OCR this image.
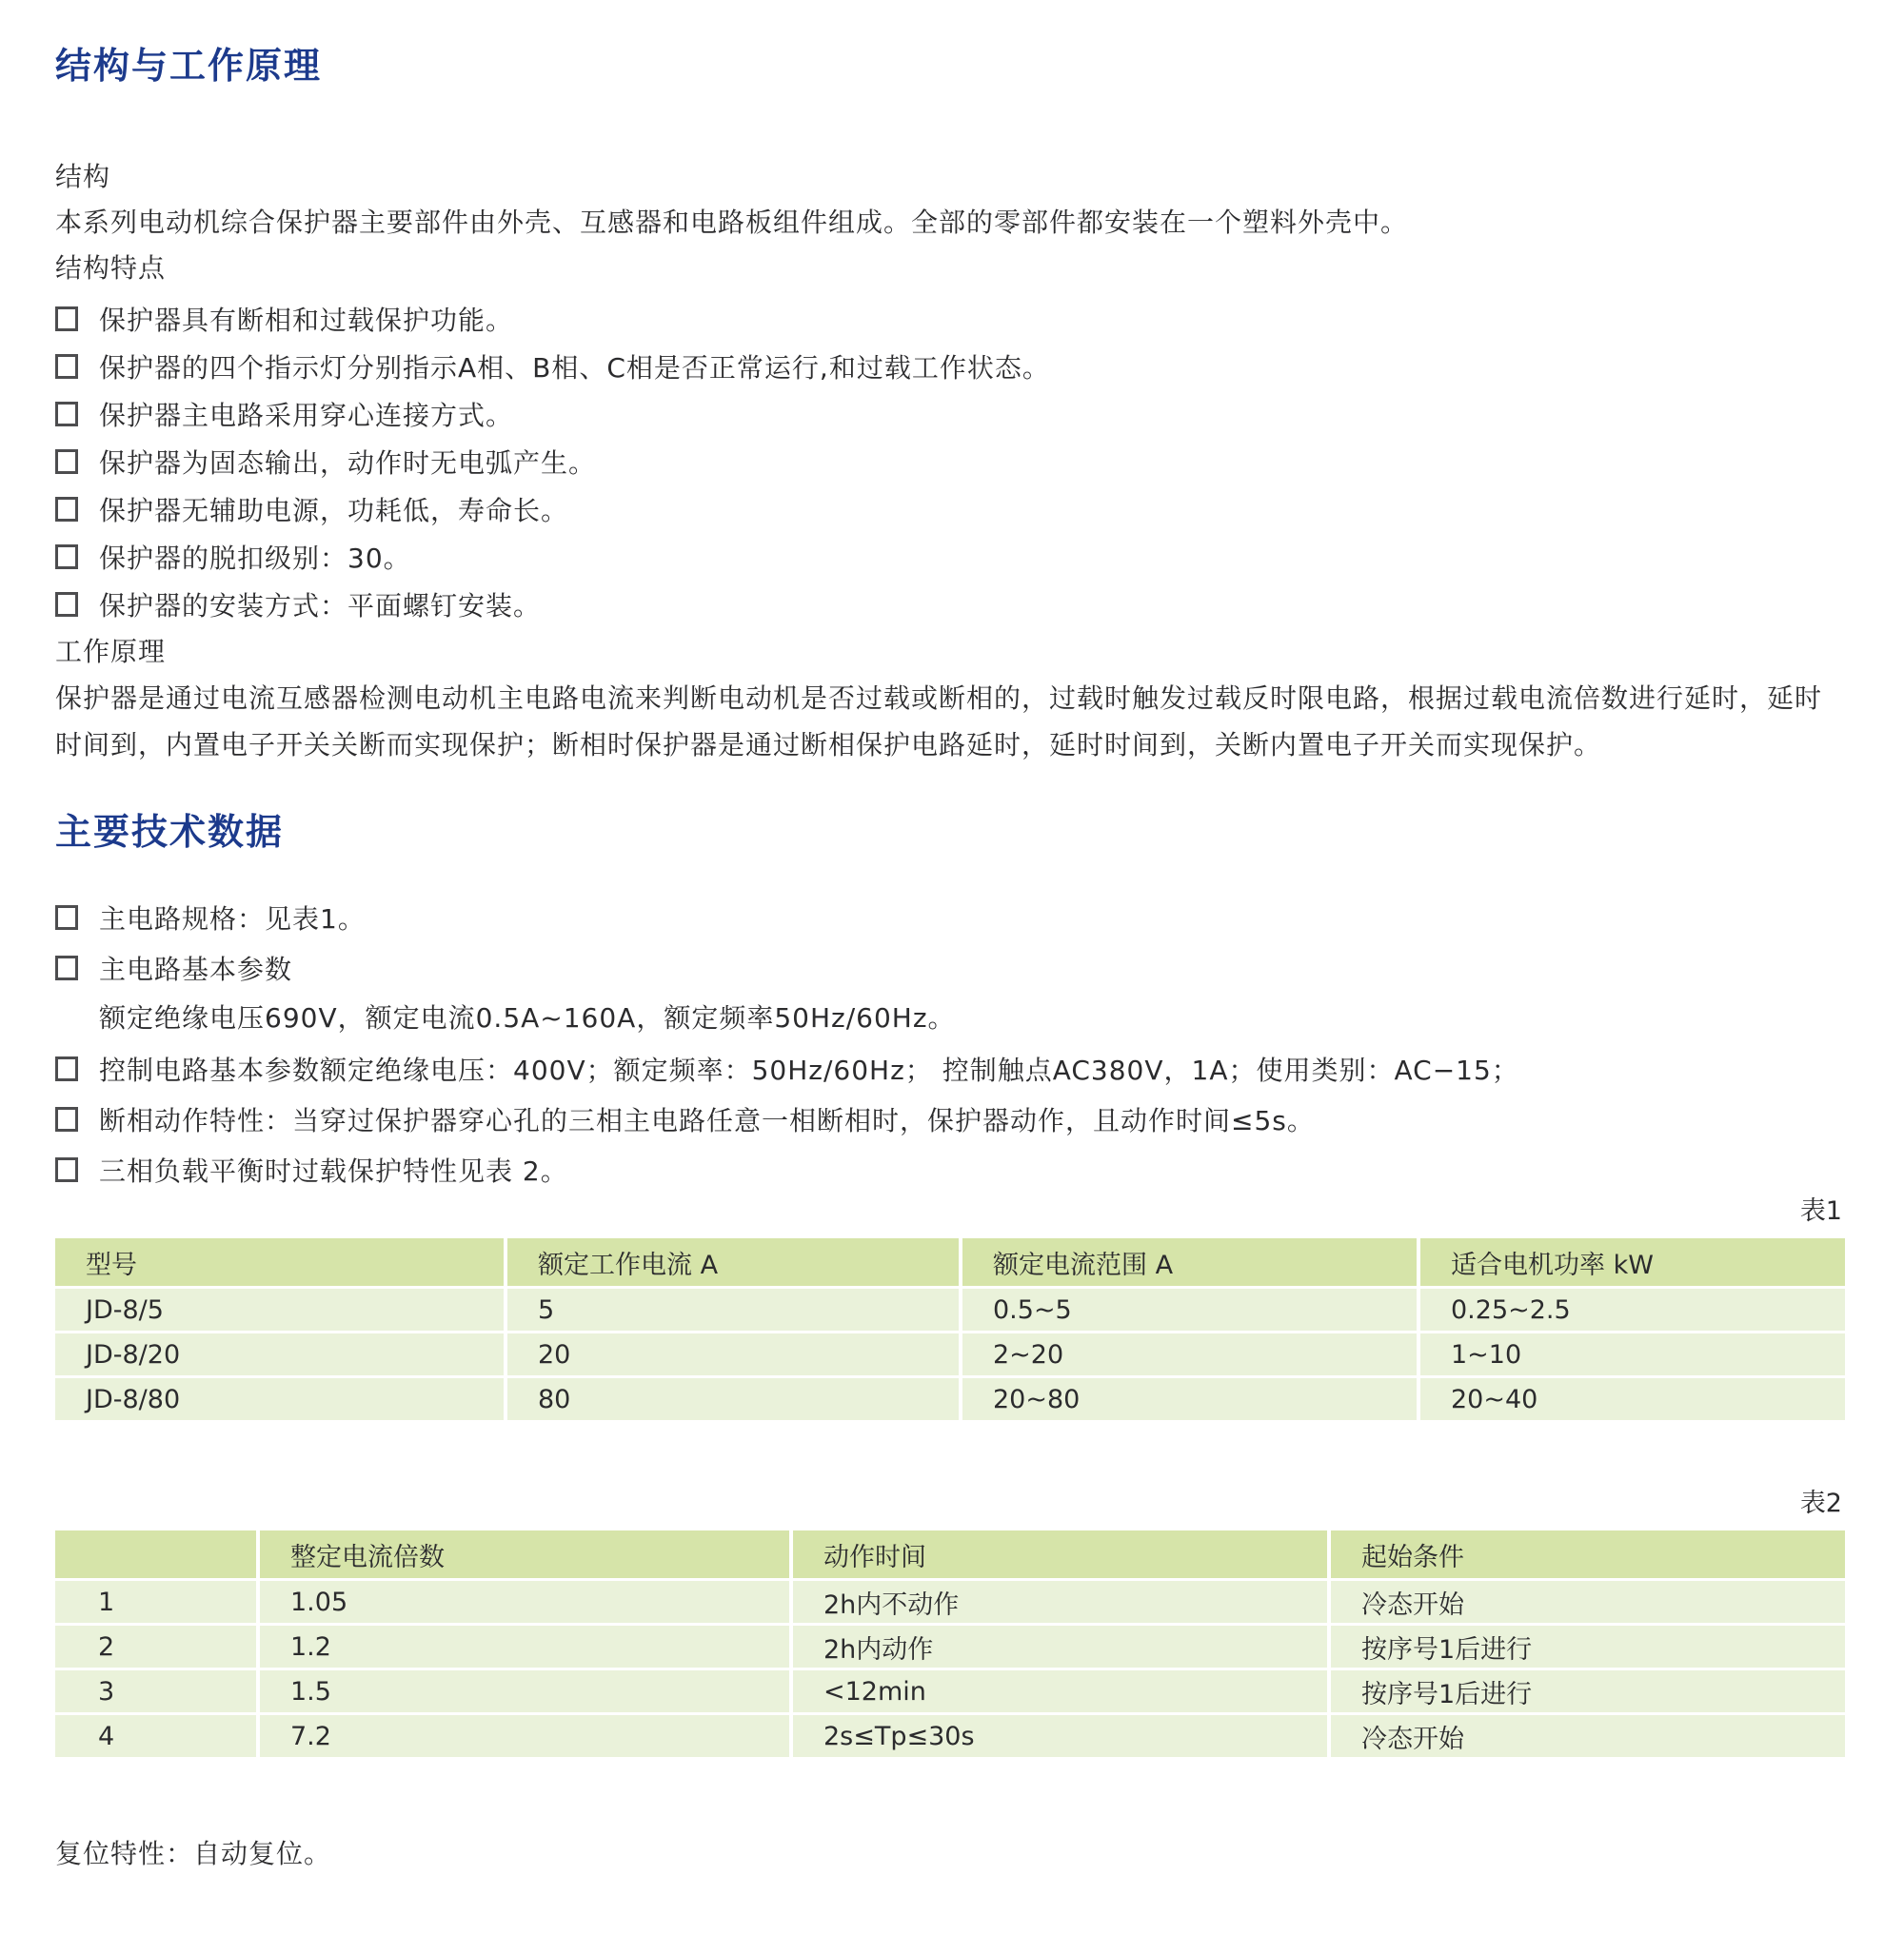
结构与工作原理
结构
本系列电动机综合保护器主要部件由外壳、互感器和电路板组件组成。全部的零部件都安装在一个塑料外壳中。
结构特点
保护器具有断相和过载保护功能。
保护器的四个指示灯分别指示A相、B相、C相是否正常运行,和过载工作状态。
保护器主电路采用穿心连接方式。
保护器为固态输出，动作时无电弧产生。
保护器无辅助电源，功耗低，寿命长。
保护器的脱扣级别：30。
保护器的安装方式：平面螺钉安装。
工作原理
保护器是通过电流互感器检测电动机主电路电流来判断电动机是否过载或断相的，过载时触发过载反时限电路，根据过载电流倍数进行延时，延时时间到，内置电子开关关断而实现保护；断相时保护器是通过断相保护电路延时，延时时间到，关断内置电子开关而实现保护。
主要技术数据
主电路规格：见表1。
主电路基本参数
额定绝缘电压690V，额定电流0.5A~160A，额定频率50Hz/60Hz。
控制电路基本参数额定绝缘电压：400V；额定频率：50Hz/60Hz； 控制触点AC380V，1A；使用类别：AC−15；
断相动作特性：当穿过保护器穿心孔的三相主电路任意一相断相时，保护器动作，且动作时间≤5s。
三相负载平衡时过载保护特性见表 2。
表1
型号	额定工作电流 A	额定电流范围 A	适合电机功率 kW
JD-8/5	5	0.5~5	0.25~2.5
JD-8/20	20	2~20	1~10
JD-8/80	80	20~80	20~40
表2
	整定电流倍数	动作时间	起始条件
1	1.05	2h内不动作	冷态开始
2	1.2	2h内动作	按序号1后进行
3	1.5	<12min	按序号1后进行
4	7.2	2s≤Tp≤30s	冷态开始
复位特性：自动复位。
